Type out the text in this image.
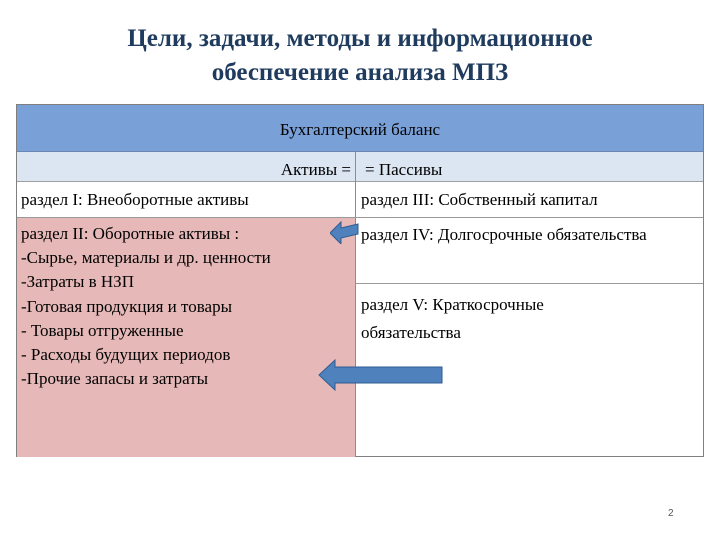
Цели, задачи, методы и информационное
обеспечение анализа МПЗ
Бухгалтерский баланс
Активы = = Пассивы
раздел I: Внеоборотные активы	раздел III: Собственный капитал
раздел II: Оборотные активы :
-Сырье, материалы и др. ценности
-Затраты в НЗП
-Готовая продукция и товары
- Товары отгруженные
- Расходы будущих периодов
-Прочие запасы и затраты
раздел IV: Долгосрочные обязательства
раздел V: Краткосрочные
обязательства
2
